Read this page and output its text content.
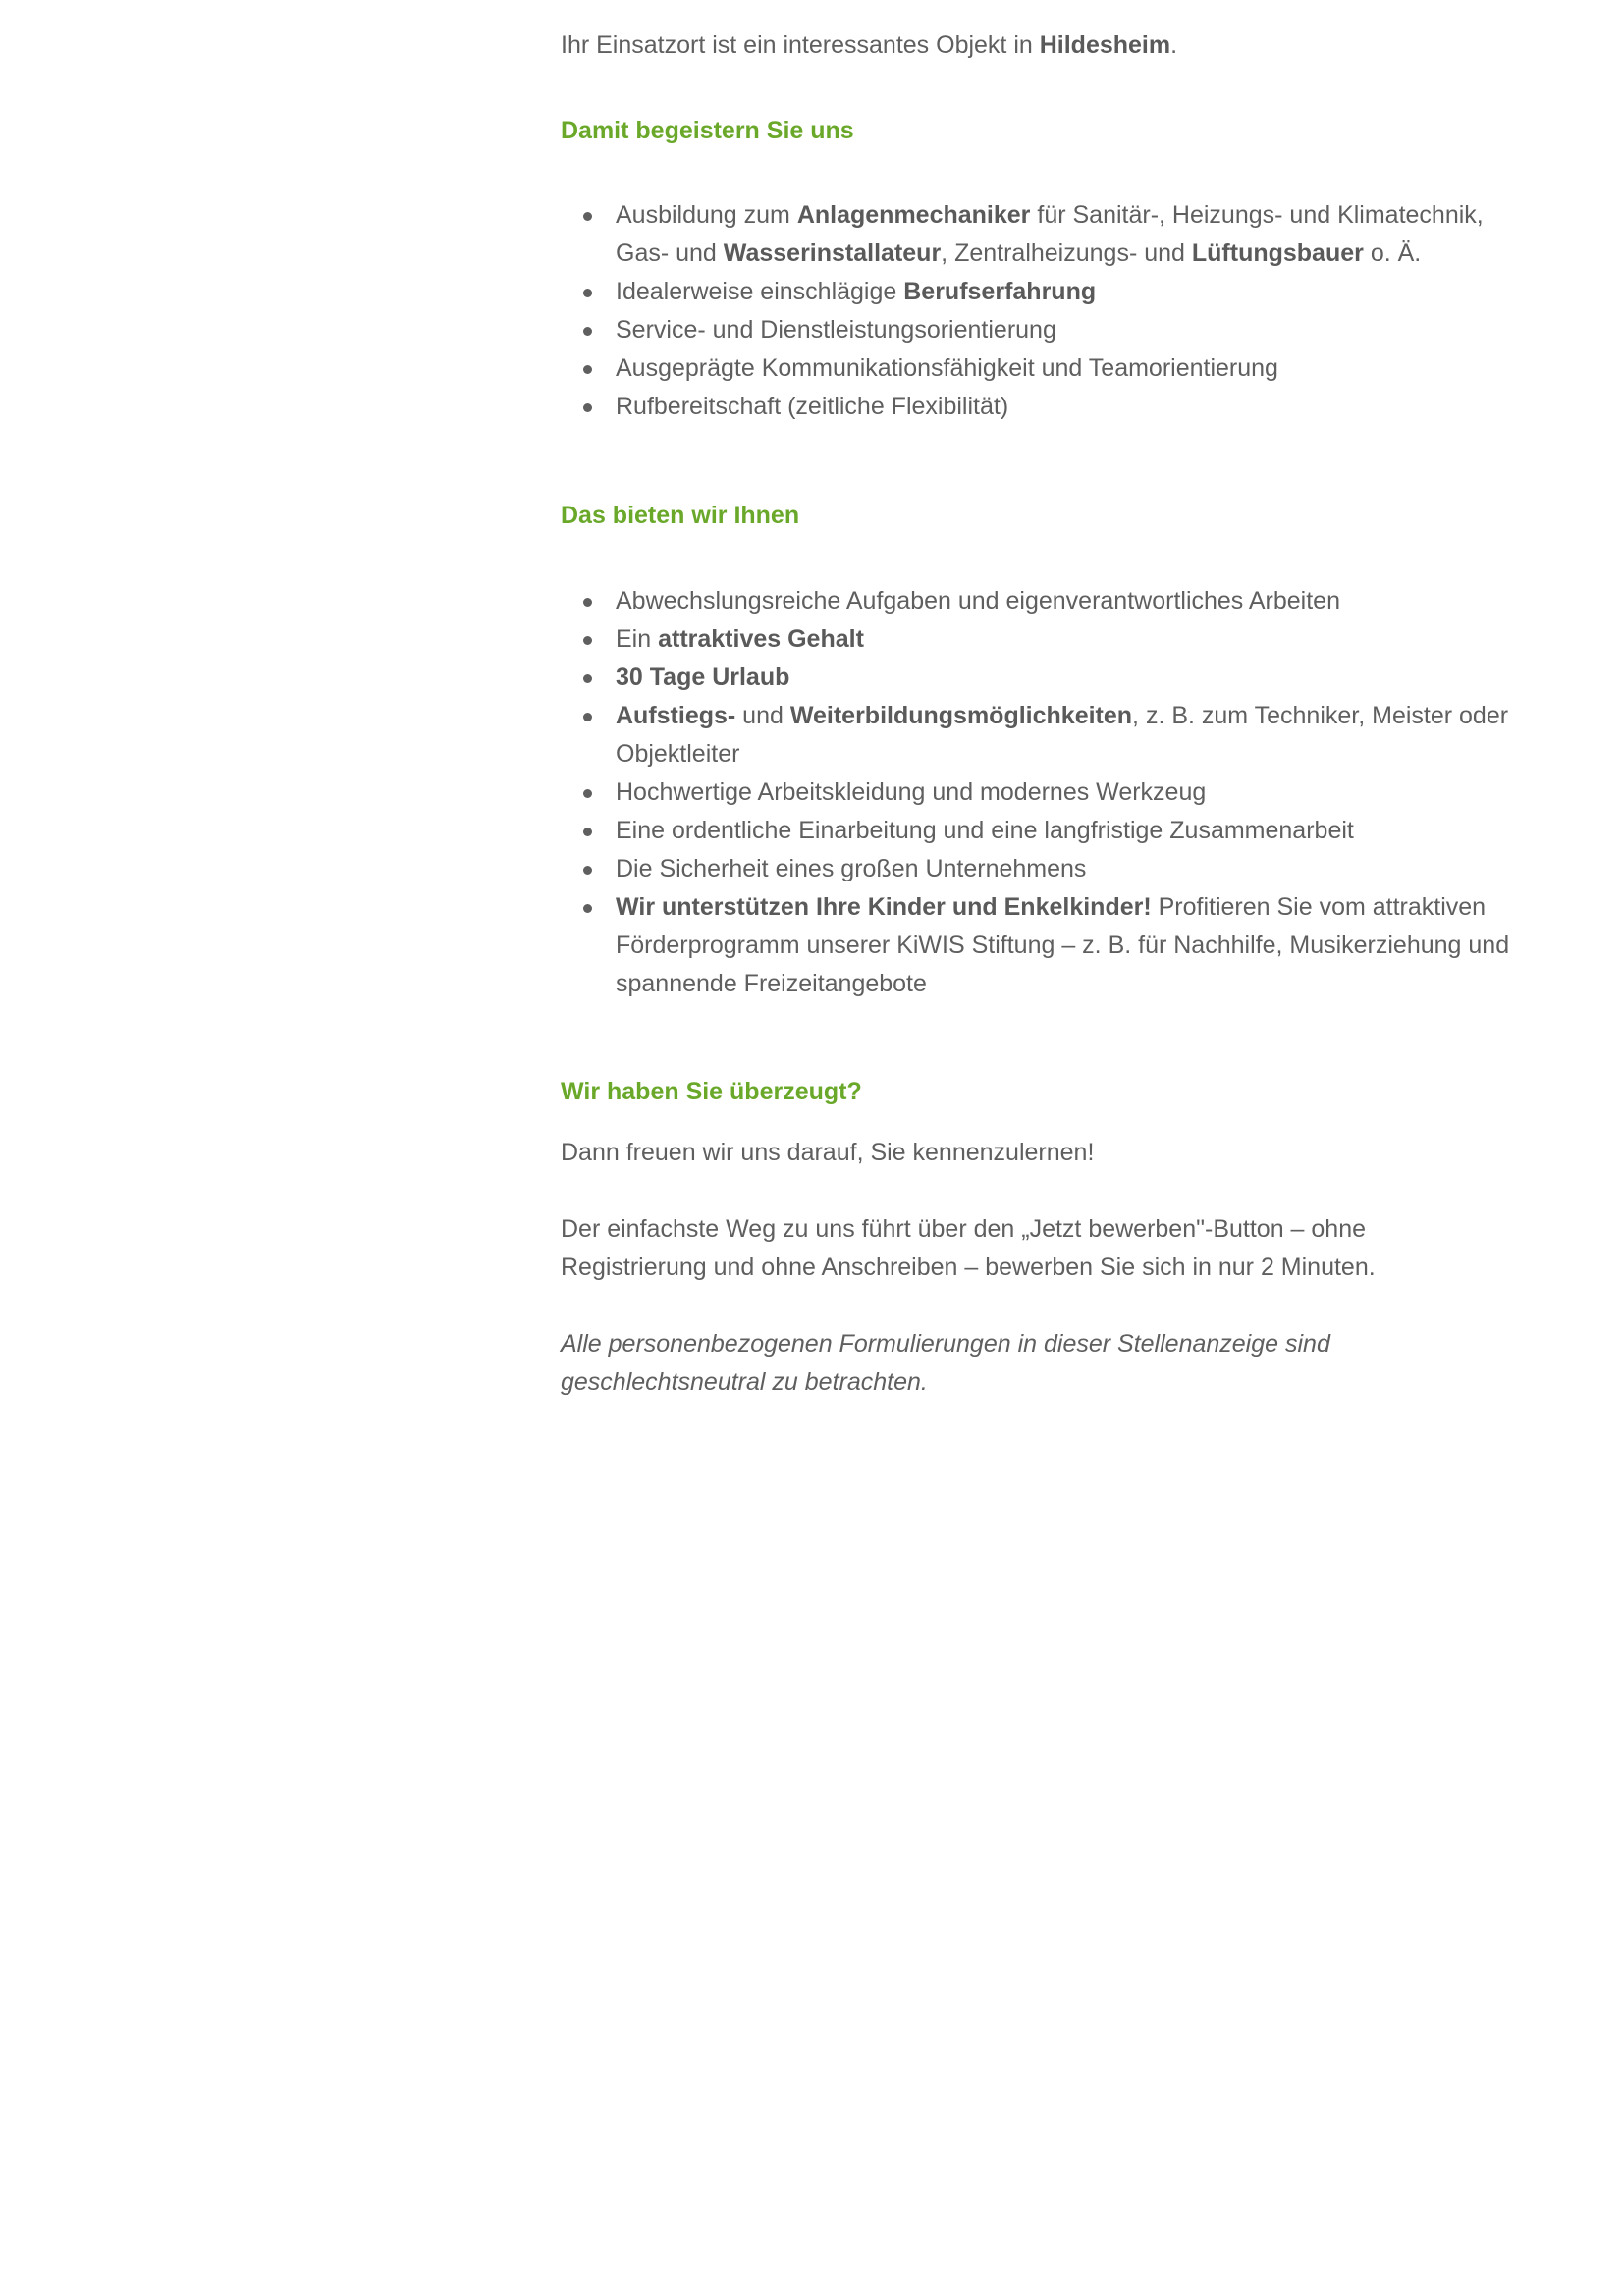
Ihr Einsatzort ist ein interessantes Objekt in Hildesheim.

Damit begeistern Sie uns
Ausbildung zum Anlagenmechaniker für Sanitär-, Heizungs- und Klimatechnik, Gas- und Wasserinstallateur, Zentralheizungs- und Lüftungsbauer o. Ä.
Idealerweise einschlägige Berufserfahrung
Service- und Dienstleistungsorientierung
Ausgeprägte Kommunikationsfähigkeit und Teamorientierung
Rufbereitschaft (zeitliche Flexibilität)
Das bieten wir Ihnen
Abwechslungsreiche Aufgaben und eigenverantwortliches Arbeiten
Ein attraktives Gehalt
30 Tage Urlaub
Aufstiegs- und Weiterbildungsmöglichkeiten, z. B. zum Techniker, Meister oder Objektleiter
Hochwertige Arbeitskleidung und modernes Werkzeug
Eine ordentliche Einarbeitung und eine langfristige Zusammenarbeit
Die Sicherheit eines großen Unternehmens
Wir unterstützen Ihre Kinder und Enkelkinder! Profitieren Sie vom attraktiven Förderprogramm unserer KiWIS Stiftung – z. B. für Nachhilfe, Musikerziehung und spannende Freizeitangebote
Wir haben Sie überzeugt?

Dann freuen wir uns darauf, Sie kennenzulernen!

Der einfachste Weg zu uns führt über den „Jetzt bewerben"-Button – ohne Registrierung und ohne Anschreiben – bewerben Sie sich in nur 2 Minuten.

Alle personenbezogenen Formulierungen in dieser Stellenanzeige sind geschlechtsneutral zu betrachten.
